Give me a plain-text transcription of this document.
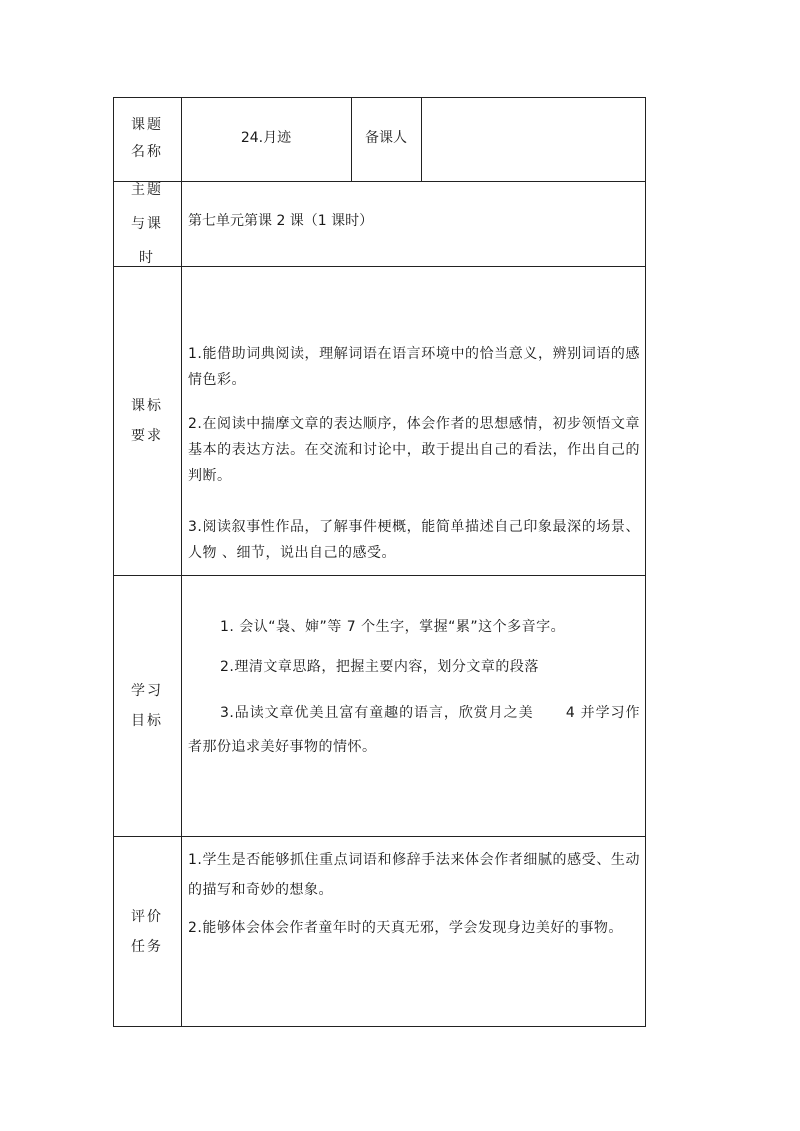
课题名称
24.月迹	备课人
主题与课时
第七单元第课 2 课（1 课时）
课标要求
1.能借助词典阅读，理解词语在语言环境中的恰当意义，辨别词语的感情色彩。
2.在阅读中揣摩文章的表达顺序，体会作者的思想感情，初步领悟文章基本的表达方法。在交流和讨论中，敢于提出自己的看法，作出自己的判断。
3.阅读叙事性作品，了解事件梗概，能简单描述自己印象最深的场景、人物 、细节，说出自己的感受。
学习目标
1. 会认“袅、婶”等 7 个生字，掌握“累”这个多音字。
2.理清文章思路，把握主要内容，划分文章的段落
3.品读文章优美且富有童趣的语言，欣赏月之美      4 并学习作者那份追求美好事物的情怀。
评价任务
1.学生是否能够抓住重点词语和修辞手法来体会作者细腻的感受、生动的描写和奇妙的想象。
2.能够体会体会作者童年时的天真无邪，学会发现身边美好的事物。
